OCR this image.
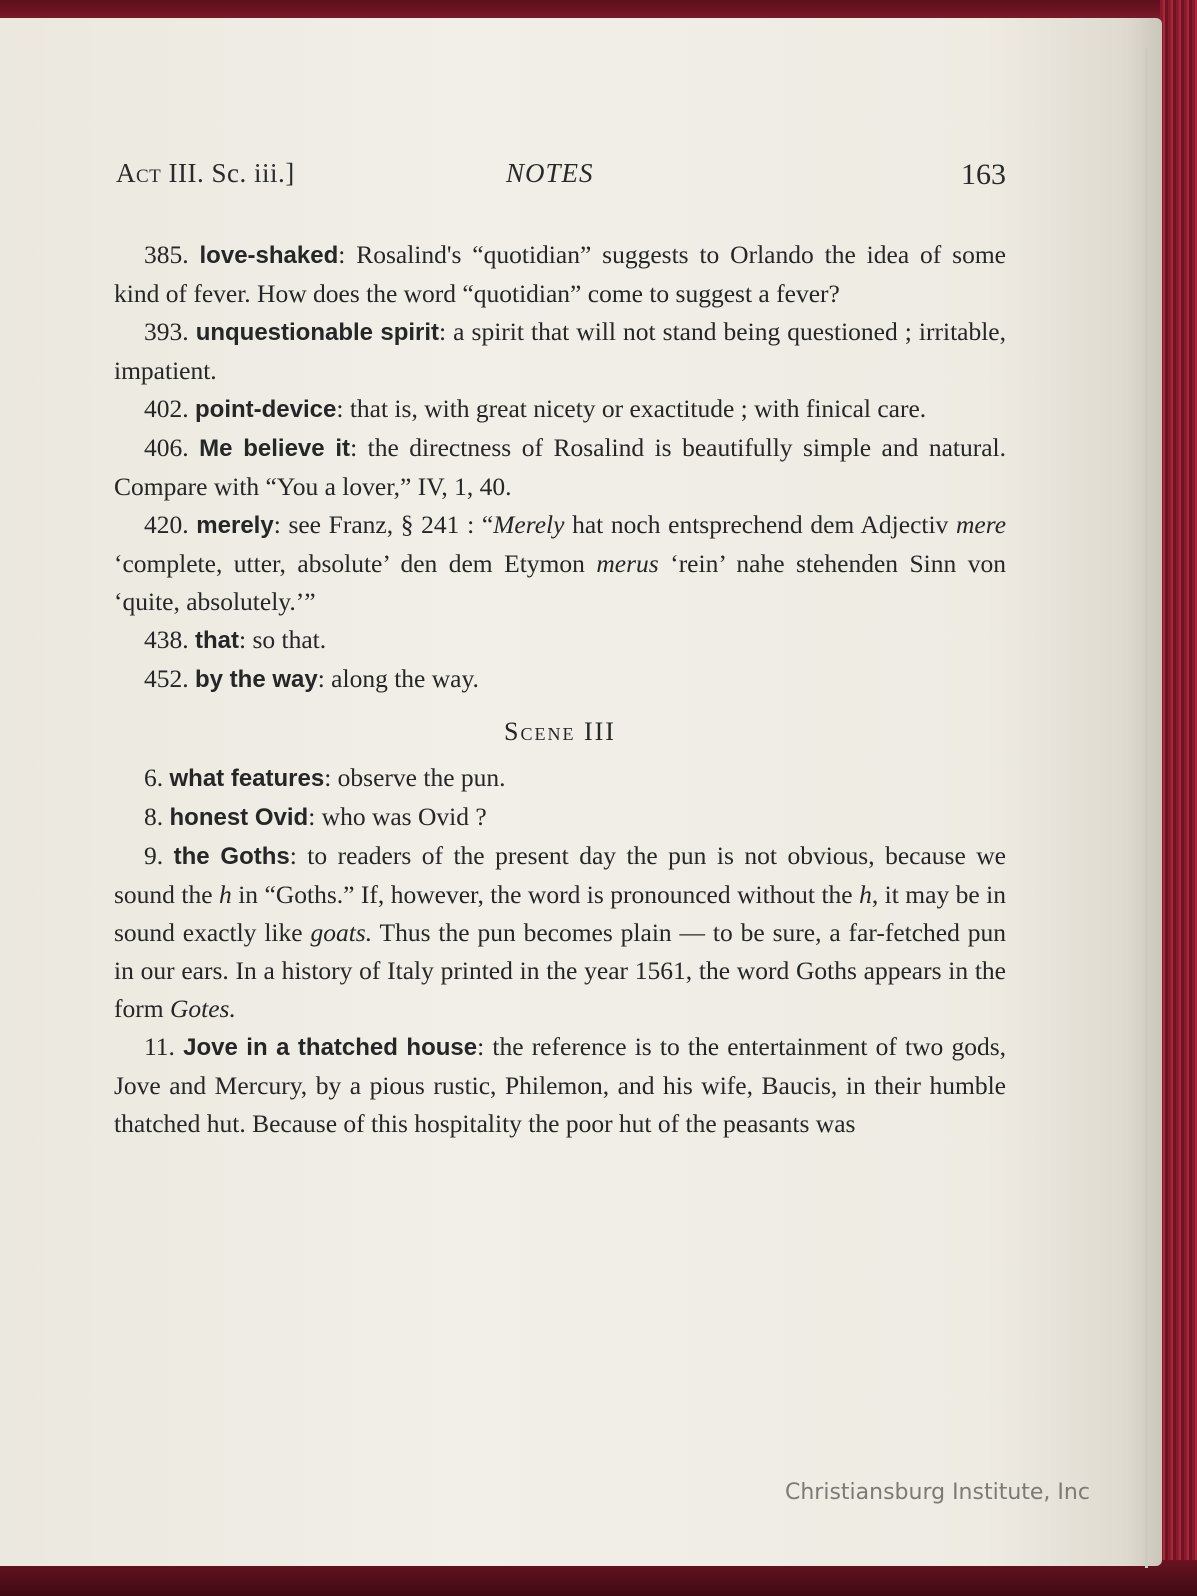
Act III. Sc. iii.]	NOTES	163

385. love-shaked: Rosalind's “quotidian” suggests to Orlando the idea of some kind of fever. How does the word “quotidian” come to suggest a fever?

393. unquestionable spirit: a spirit that will not stand being questioned ; irritable, impatient.

402. point-device: that is, with great nicety or exactitude ; with finical care.

406. Me believe it: the directness of Rosalind is beautifully simple and natural. Compare with “You a lover,” IV, 1, 40.

420. merely: see Franz, § 241 : “Merely hat noch entsprechend dem Adjectiv mere ‘complete, utter, absolute’ den dem Etymon merus ‘rein’ nahe stehenden Sinn von ‘quite, absolutely.’”

438. that: so that.

452. by the way: along the way.

Scene III

6. what features: observe the pun.

8. honest Ovid: who was Ovid ?

9. the Goths: to readers of the present day the pun is not obvious, because we sound the h in “Goths.” If, however, the word is pronounced without the h, it may be in sound exactly like goats. Thus the pun becomes plain — to be sure, a far-fetched pun in our ears. In a history of Italy printed in the year 1561, the word Goths appears in the form Gotes.

11. Jove in a thatched house: the reference is to the entertainment of two gods, Jove and Mercury, by a pious rustic, Philemon, and his wife, Baucis, in their humble thatched hut. Because of this hospitality the poor hut of the peasants was

Christiansburg Institute, Inc
